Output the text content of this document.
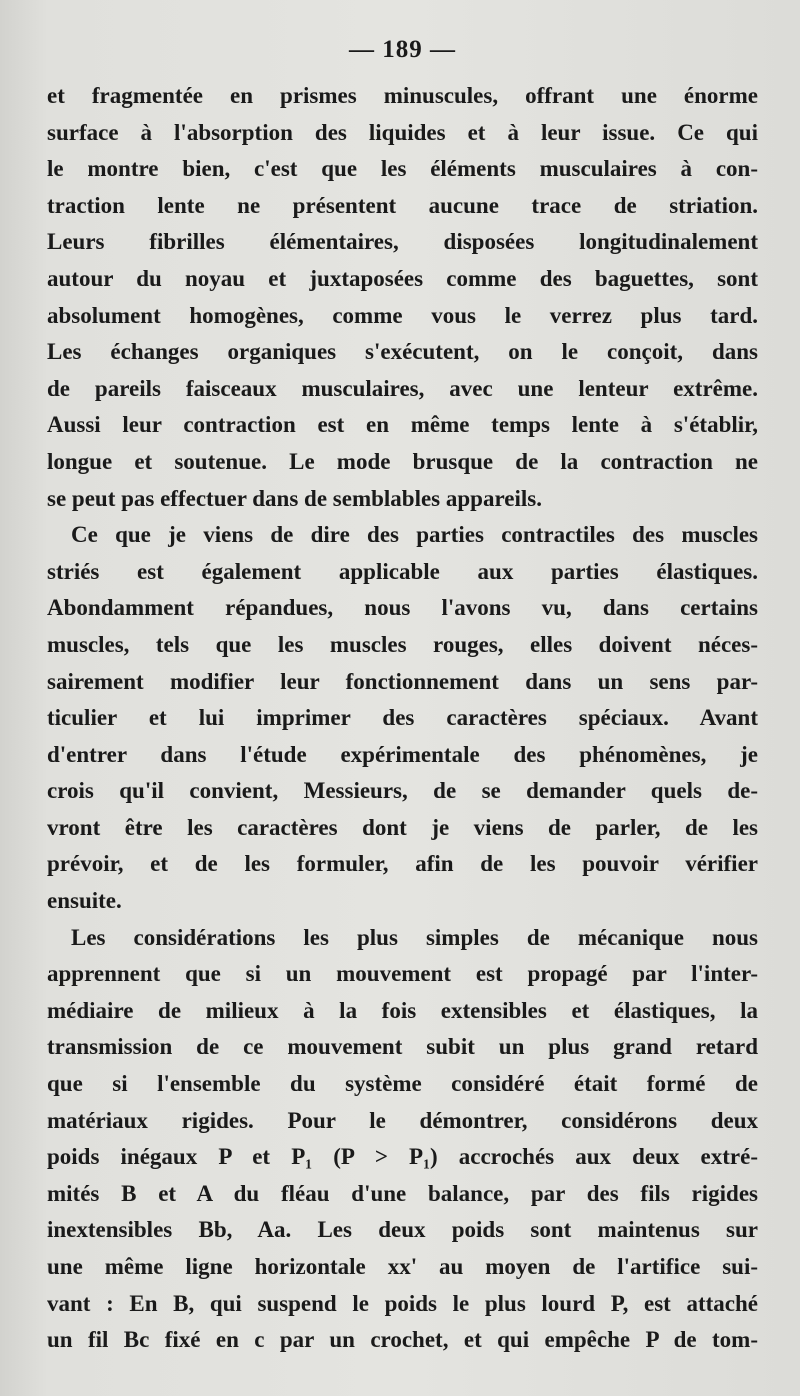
— 189 —
et fragmentée en prismes minuscules, offrant une énorme
surface à l'absorption des liquides et à leur issue. Ce qui
le montre bien, c'est que les éléments musculaires à con-
traction lente ne présentent aucune trace de striation.
Leurs fibrilles élémentaires, disposées longitudinalement
autour du noyau et juxtaposées comme des baguettes, sont
absolument homogènes, comme vous le verrez plus tard.
Les échanges organiques s'exécutent, on le conçoit, dans
de pareils faisceaux musculaires, avec une lenteur extrême.
Aussi leur contraction est en même temps lente à s'établir,
longue et soutenue. Le mode brusque de la contraction ne
se peut pas effectuer dans de semblables appareils.
Ce que je viens de dire des parties contractiles des muscles
striés est également applicable aux parties élastiques.
Abondamment répandues, nous l'avons vu, dans certains
muscles, tels que les muscles rouges, elles doivent néces-
sairement modifier leur fonctionnement dans un sens par-
ticulier et lui imprimer des caractères spéciaux. Avant
d'entrer dans l'étude expérimentale des phénomènes, je
crois qu'il convient, Messieurs, de se demander quels de-
vront être les caractères dont je viens de parler, de les
prévoir, et de les formuler, afin de les pouvoir vérifier
ensuite.
Les considérations les plus simples de mécanique nous
apprennent que si un mouvement est propagé par l'inter-
médiaire de milieux à la fois extensibles et élastiques, la
transmission de ce mouvement subit un plus grand retard
que si l'ensemble du système considéré était formé de
matériaux rigides. Pour le démontrer, considérons deux
poids inégaux P et P₁ (P > P₁) accrochés aux deux extré-
mités B et A du fléau d'une balance, par des fils rigides
inextensibles Bb, Aa. Les deux poids sont maintenus sur
une même ligne horizontale xx' au moyen de l'artifice sui-
vant : En B, qui suspend le poids le plus lourd P, est attaché
un fil Bc fixé en c par un crochet, et qui empêche P de tom-
